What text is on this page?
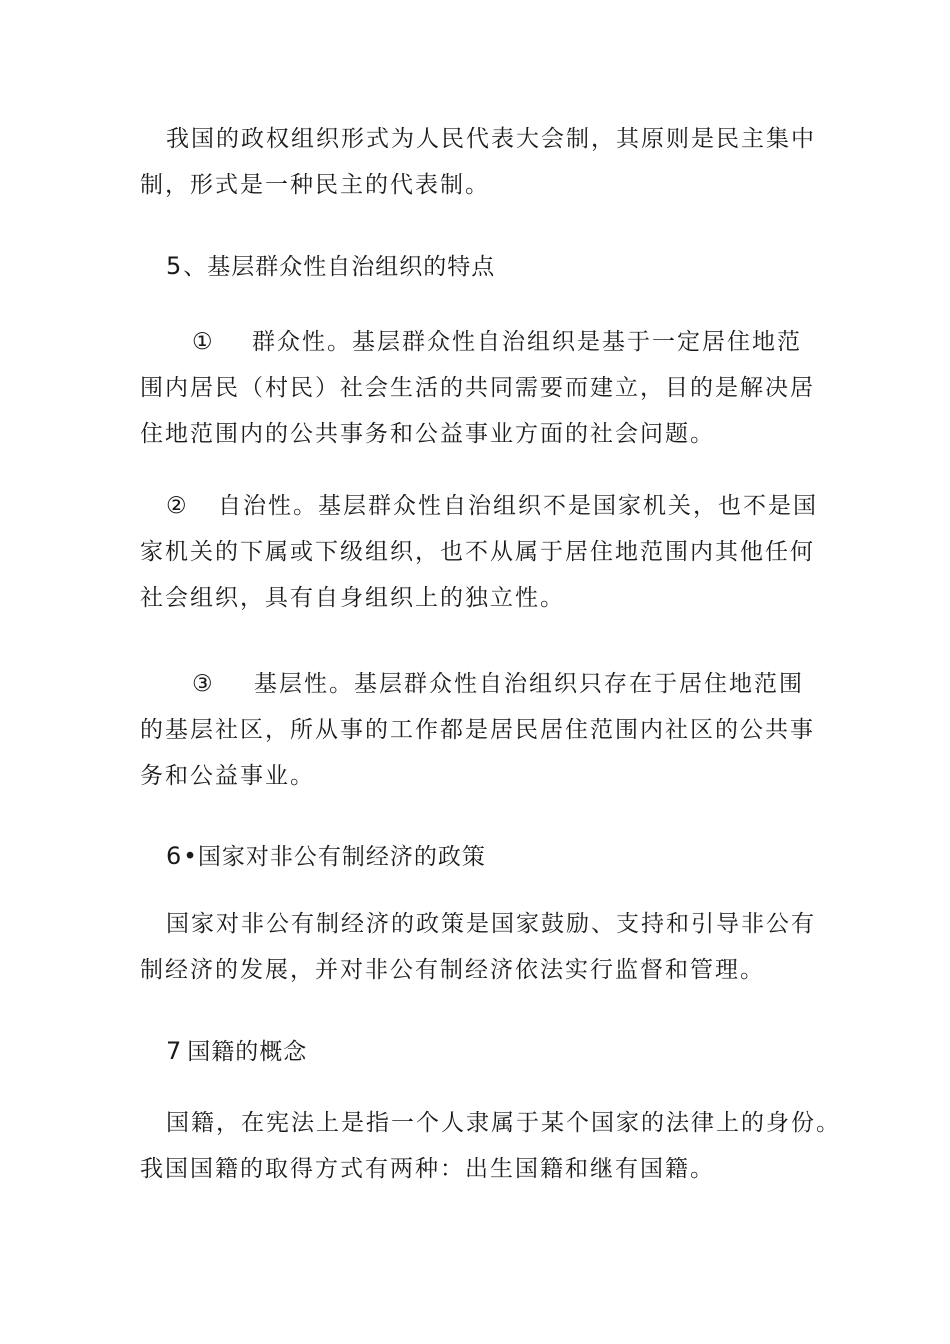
我国的政权组织形式为人民代表大会制，其原则是民主集中
制，形式是一种民主的代表制。
5、基层群众性自治组织的特点
① 群众性。基层群众性自治组织是基于一定居住地范
围内居民（村民）社会生活的共同需要而建立，目的是解决居
住地范围内的公共事务和公益事业方面的社会问题。
② 自治性。基层群众性自治组织不是国家机关，也不是国
家机关的下属或下级组织，也不从属于居住地范围内其他任何
社会组织，具有自身组织上的独立性。
③ 基层性。基层群众性自治组织只存在于居住地范围
的基层社区，所从事的工作都是居民居住范围内社区的公共事
务和公益事业。
6•国家对非公有制经济的政策
国家对非公有制经济的政策是国家鼓励、支持和引导非公有
制经济的发展，并对非公有制经济依法实行监督和管理。
7 国籍的概念
国籍，在宪法上是指一个人隶属于某个国家的法律上的身份。
我国国籍的取得方式有两种：出生国籍和继有国籍。
